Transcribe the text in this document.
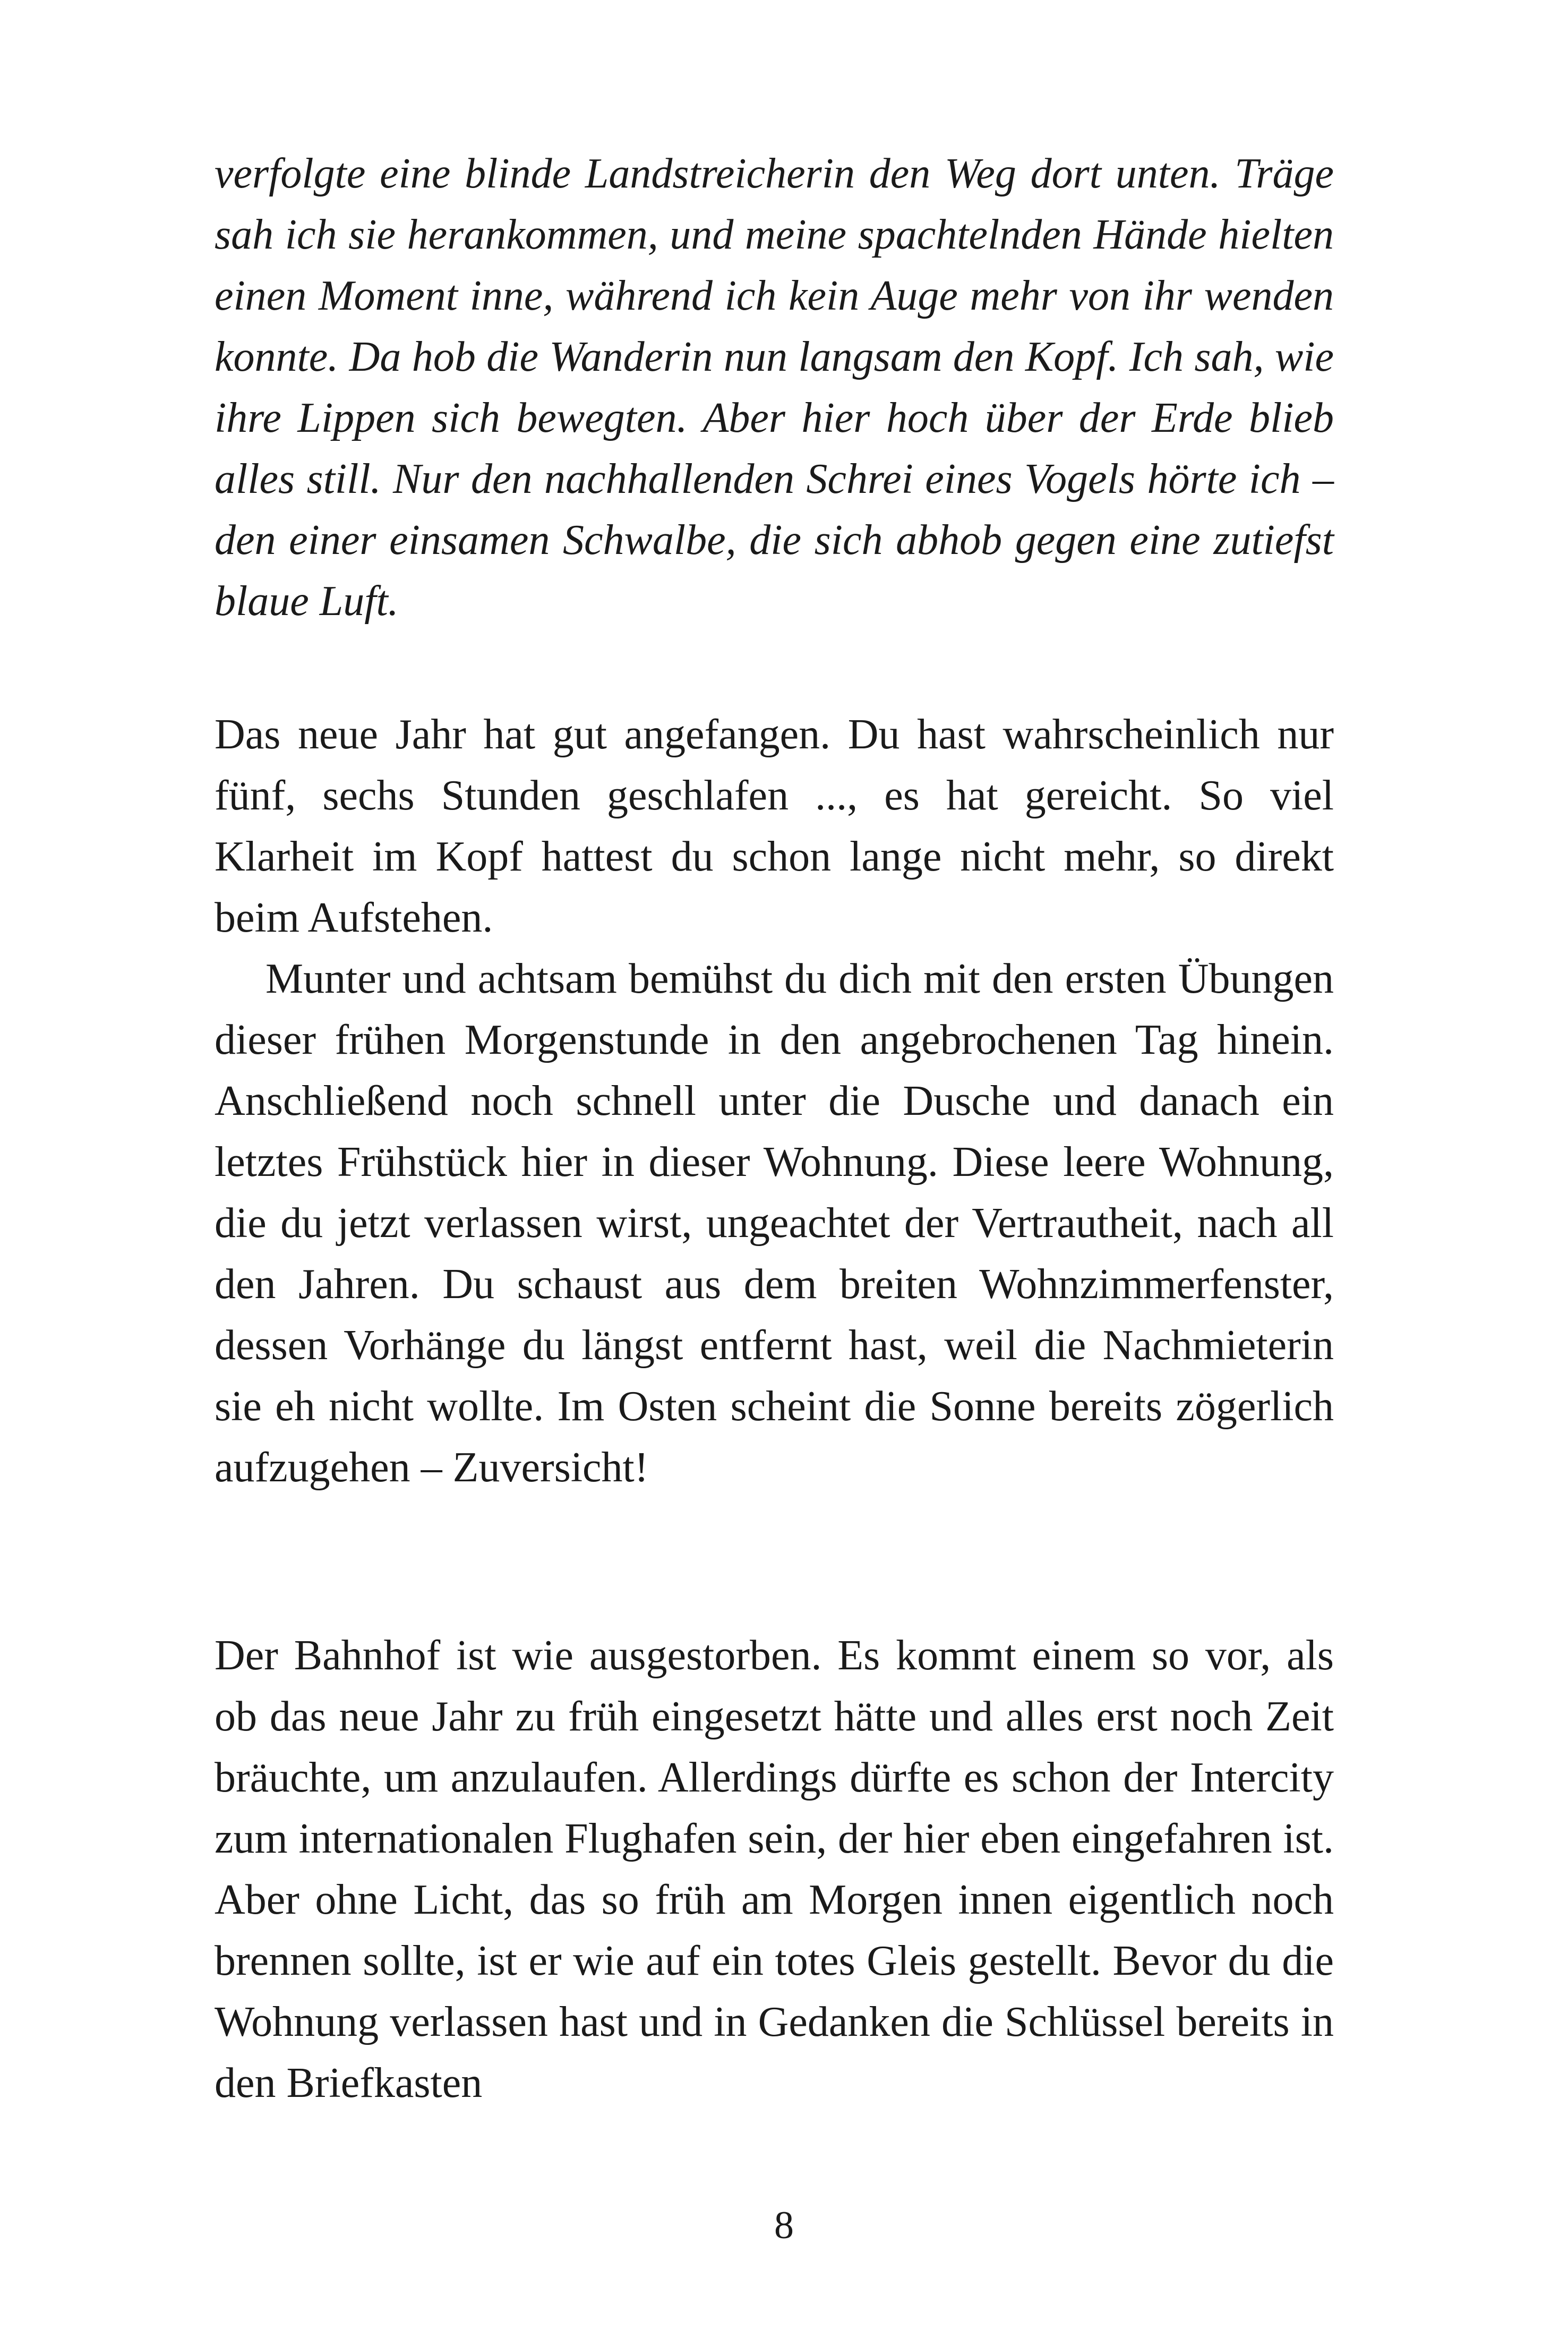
verfolgte eine blinde Landstreicherin den Weg dort unten. Träge sah ich sie herankommen, und meine spachtelnden Hände hielten einen Moment inne, während ich kein Auge mehr von ihr wenden konnte. Da hob die Wanderin nun langsam den Kopf. Ich sah, wie ihre Lippen sich bewegten. Aber hier hoch über der Erde blieb alles still. Nur den nachhallenden Schrei eines Vogels hörte ich – den einer einsamen Schwalbe, die sich abhob gegen eine zutiefst blaue Luft.

Das neue Jahr hat gut angefangen. Du hast wahrscheinlich nur fünf, sechs Stunden geschlafen ..., es hat gereicht. So viel Klarheit im Kopf hattest du schon lange nicht mehr, so direkt beim Aufstehen.

Munter und achtsam bemühst du dich mit den ersten Übungen dieser frühen Morgenstunde in den angebrochenen Tag hinein. Anschließend noch schnell unter die Dusche und danach ein letztes Frühstück hier in dieser Wohnung. Diese leere Wohnung, die du jetzt verlassen wirst, ungeachtet der Vertrautheit, nach all den Jahren. Du schaust aus dem breiten Wohnzimmerfenster, dessen Vorhänge du längst entfernt hast, weil die Nachmieterin sie eh nicht wollte. Im Osten scheint die Sonne bereits zögerlich aufzugehen – Zuversicht!

Der Bahnhof ist wie ausgestorben. Es kommt einem so vor, als ob das neue Jahr zu früh eingesetzt hätte und alles erst noch Zeit bräuchte, um anzulaufen. Allerdings dürfte es schon der Intercity zum internationalen Flughafen sein, der hier eben eingefahren ist. Aber ohne Licht, das so früh am Morgen innen eigentlich noch brennen sollte, ist er wie auf ein totes Gleis gestellt. Bevor du die Wohnung verlassen hast und in Gedanken die Schlüssel bereits in den Briefkasten

8
